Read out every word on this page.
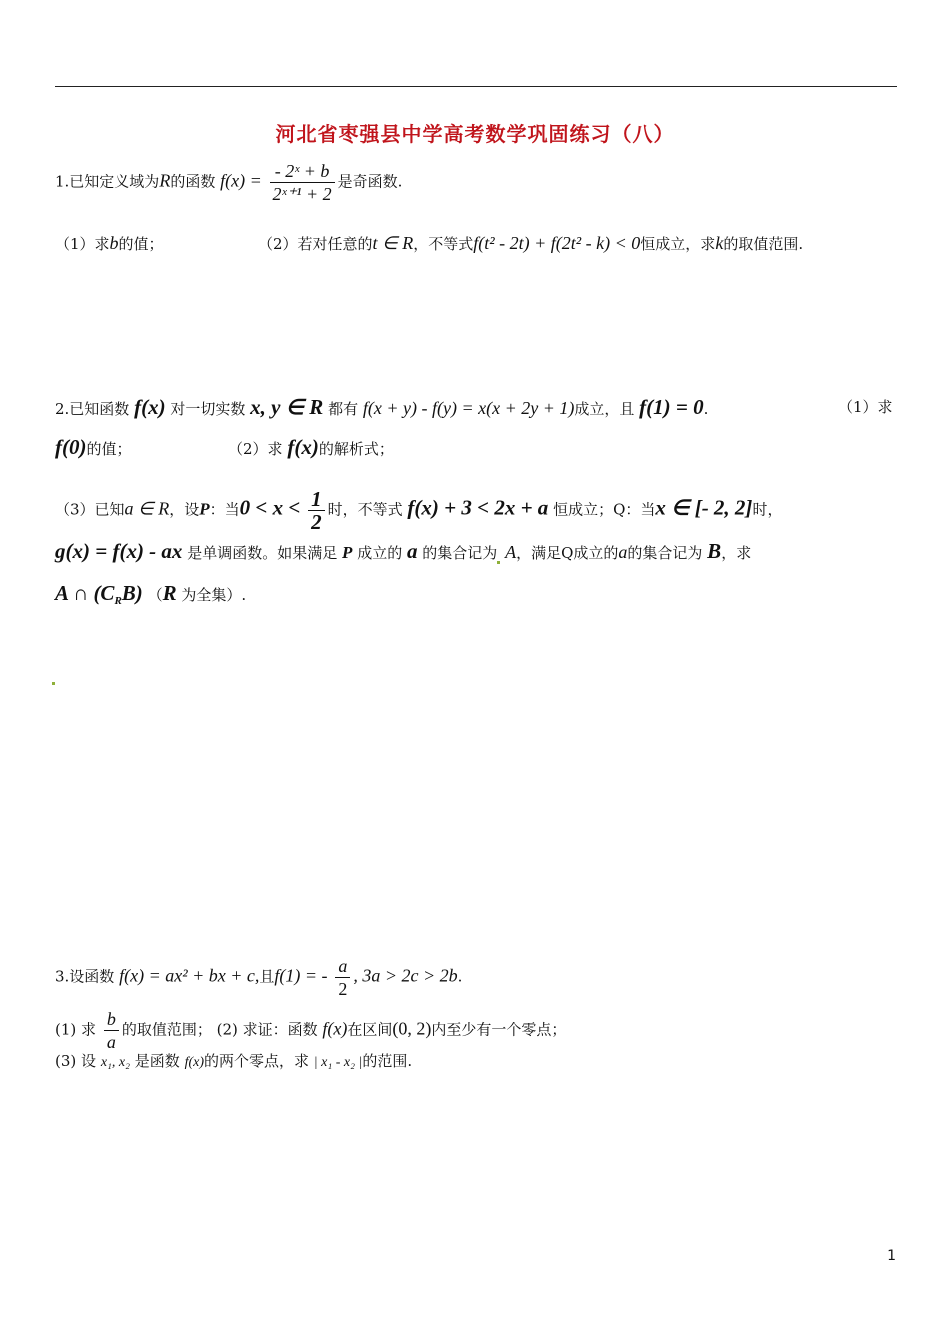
河北省枣强县中学高考数学巩固练习（八）
1.已知定义域为R的函数 $f(x) = \frac{\text{- 2ˣ + b}}{\text{2ˣ⁺¹ + 2}}$ 是奇函数.
（1）求b的值；	（2）若对任意的t ∈ R，不等式f(t² - 2t) + f(2t² - k) < 0恒成立，求k的取值范围.
2.已知函数 f(x) 对一切实数 x, y ∈ R 都有 f(x + y) - f(y) = x(x + 2y + 1)成立，且 f(1) = 0.	（1）求
f(0)的值；	（2）求 f(x)的解析式；
（3）已知a ∈ R，设P：当$0 < x < \frac{1}{2}$ 时，不等式 f(x) + 3 < 2x + a 恒成立；Q：当x ∈ [- 2, 2]时，
g(x) = f(x) - ax 是单调函数。如果满足 P 成立的 a 的集合记为 A，满足Q成立的a的集合记为 B，求
A ∩ $(C_RB)$ （R 为全集）.
3.设函数 f(x) = ax² + bx + c,且f(1) = - $\frac{a}{2}$ , 3a > 2c > 2b.
(1) 求 $\frac{b}{a}$ 的取值范围； (2) 求证：函数 f(x)在区间(0, 2)内至少有一个零点；
(3) 设 x₁, x₂ 是函数 f(x)的两个零点，求 | x₁ - x₂ |的范围.
1
